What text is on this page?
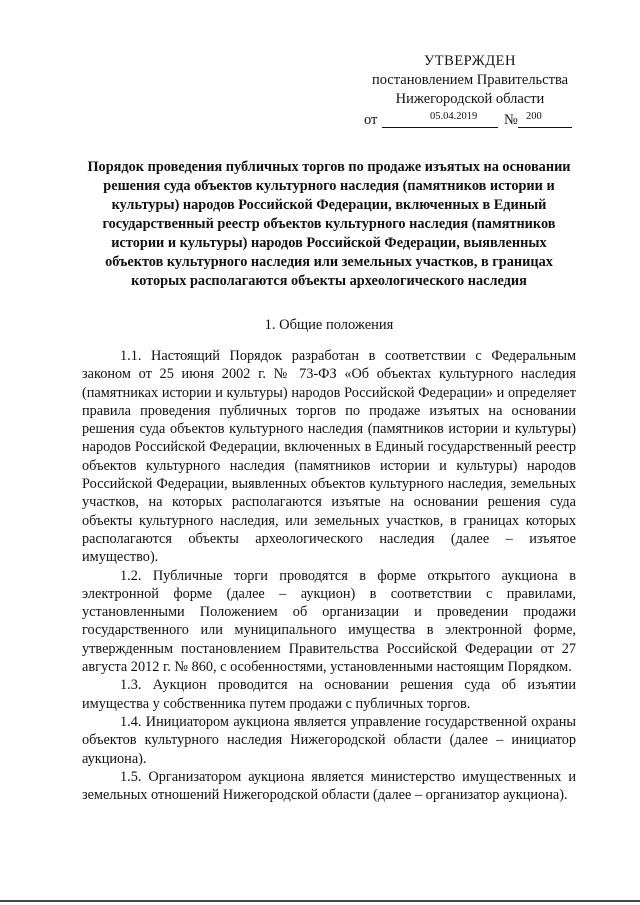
УТВЕРЖДЕН
постановлением Правительства
Нижегородской области
от	05.04.2019 № 200
Порядок проведения публичных торгов по продаже изъятых на основании решения суда объектов культурного наследия (памятников истории и культуры) народов Российской Федерации, включенных в Единый государственный реестр объектов культурного наследия (памятников истории и культуры) народов Российской Федерации, выявленных объектов культурного наследия или земельных участков, в границах которых располагаются объекты археологического наследия
1. Общие положения

1.1. Настоящий Порядок разработан в соответствии с Федеральным законом от 25 июня 2002 г. № 73-ФЗ «Об объектах культурного наследия (памятниках истории и культуры) народов Российской Федерации» и определяет правила проведения публичных торгов по продаже изъятых на основании решения суда объектов культурного наследия (памятников истории и культуры) народов Российской Федерации, включенных в Единый государственный реестр объектов культурного наследия (памятников истории и культуры) народов Российской Федерации, выявленных объектов культурного наследия, земельных участков, на которых располагаются изъятые на основании решения суда объекты культурного наследия, или земельных участков, в границах которых располагаются объекты археологического наследия (далее – изъятое имущество).

1.2. Публичные торги проводятся в форме открытого аукциона в электронной форме (далее – аукцион) в соответствии с правилами, установленными Положением об организации и проведении продажи государственного или муниципального имущества в электронной форме, утвержденным постановлением Правительства Российской Федерации от 27 августа 2012 г. № 860, с особенностями, установленными настоящим Порядком.

1.3. Аукцион проводится на основании решения суда об изъятии имущества у собственника путем продажи с публичных торгов.

1.4. Инициатором аукциона является управление государственной охраны объектов культурного наследия Нижегородской области (далее – инициатор аукциона).

1.5. Организатором аукциона является министерство имущественных и земельных отношений Нижегородской области (далее – организатор аукциона).
